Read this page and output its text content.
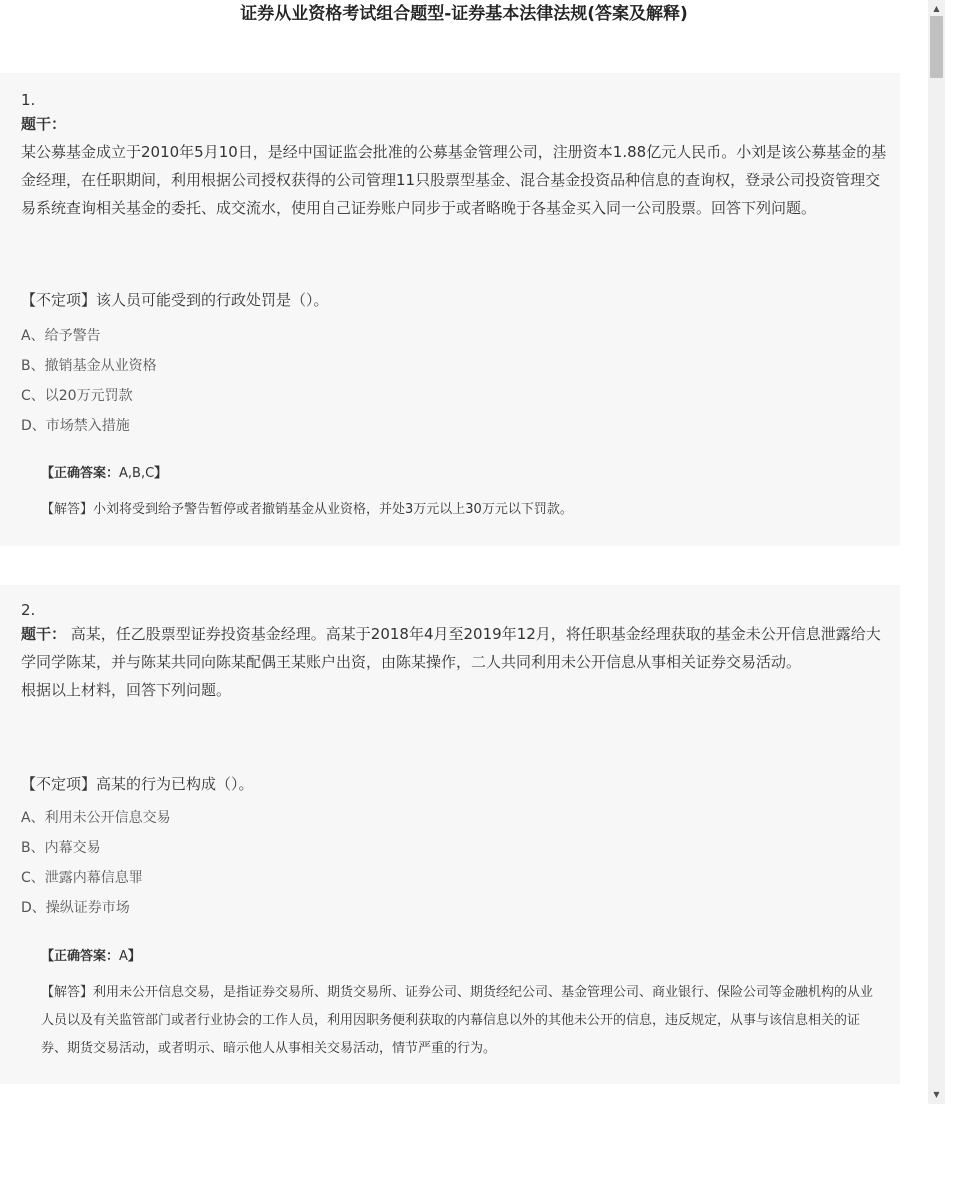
证券从业资格考试组合题型-证券基本法律法规(答案及解释)
1.
题干：
某公募基金成立于2010年5月10日，是经中国证监会批准的公募基金管理公司，注册资本1.88亿元人民币。小刘是该公募基金的基金经理，在任职期间，利用根据公司授权获得的公司管理11只股票型基金、混合基金投资品种信息的查询权，登录公司投资管理交易系统查询相关基金的委托、成交流水，使用自己证券账户同步于或者略晚于各基金买入同一公司股票。回答下列问题。
【不定项】该人员可能受到的行政处罚是（）。
A、给予警告
B、撤销基金从业资格
C、以20万元罚款
D、市场禁入措施
【正确答案：A,B,C】
【解答】小刘将受到给予警告暂停或者撤销基金从业资格，并处3万元以上30万元以下罚款。
2.
题干： 高某，任乙股票型证券投资基金经理。高某于2018年4月至2019年12月，将任职基金经理获取的基金未公开信息泄露给大学同学陈某，并与陈某共同向陈某配偶王某账户出资，由陈某操作，二人共同利用未公开信息从事相关证券交易活动。
根据以上材料，回答下列问题。
【不定项】高某的行为已构成（）。
A、利用未公开信息交易
B、内幕交易
C、泄露内幕信息罪
D、操纵证券市场
【正确答案：A】
【解答】利用未公开信息交易，是指证券交易所、期货交易所、证券公司、期货经纪公司、基金管理公司、商业银行、保险公司等金融机构的从业人员以及有关监管部门或者行业协会的工作人员，利用因职务便利获取的内幕信息以外的其他未公开的信息，违反规定，从事与该信息相关的证券、期货交易活动，或者明示、暗示他人从事相关交易活动，情节严重的行为。
▲
▼
